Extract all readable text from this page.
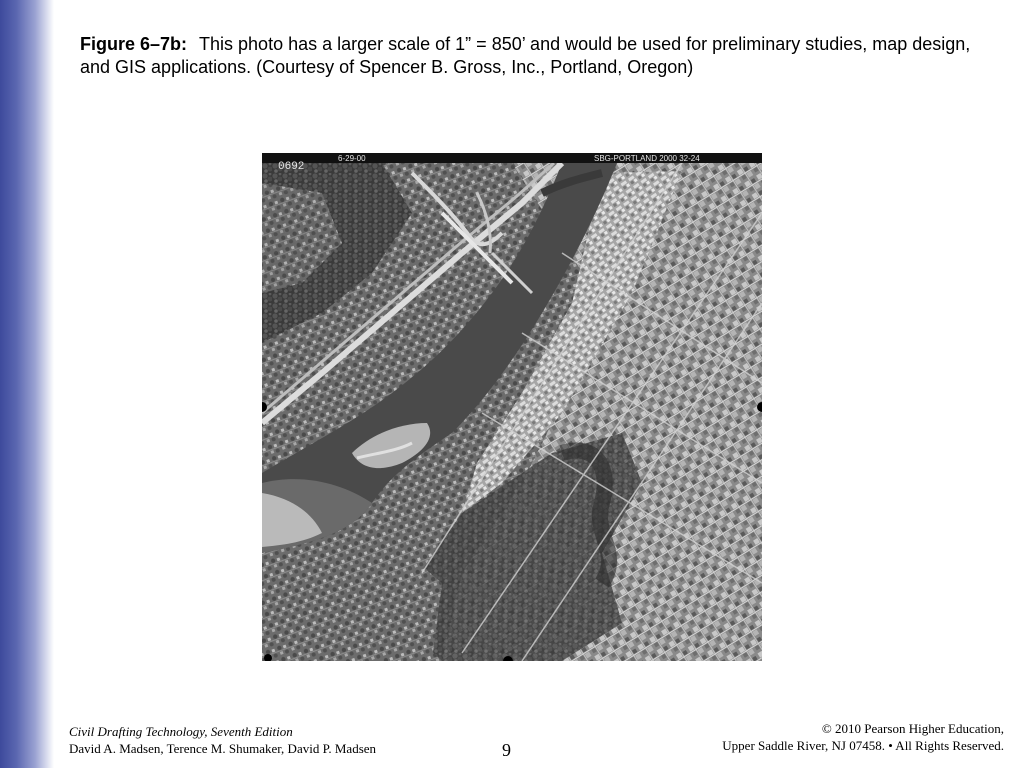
Figure 6–7b: This photo has a larger scale of 1” = 850’ and would be used for preliminary studies, map design, and GIS applications. (Courtesy of Spencer B. Gross, Inc., Portland, Oregon)
0692
6-29-00	SBG-PORTLAND 2000 32-24
Civil Drafting Technology, Seventh Edition
David A. Madsen, Terence M. Shumaker, David P. Madsen	9
© 2010 Pearson Higher Education,
Upper Saddle River, NJ 07458. • All Rights Reserved.
